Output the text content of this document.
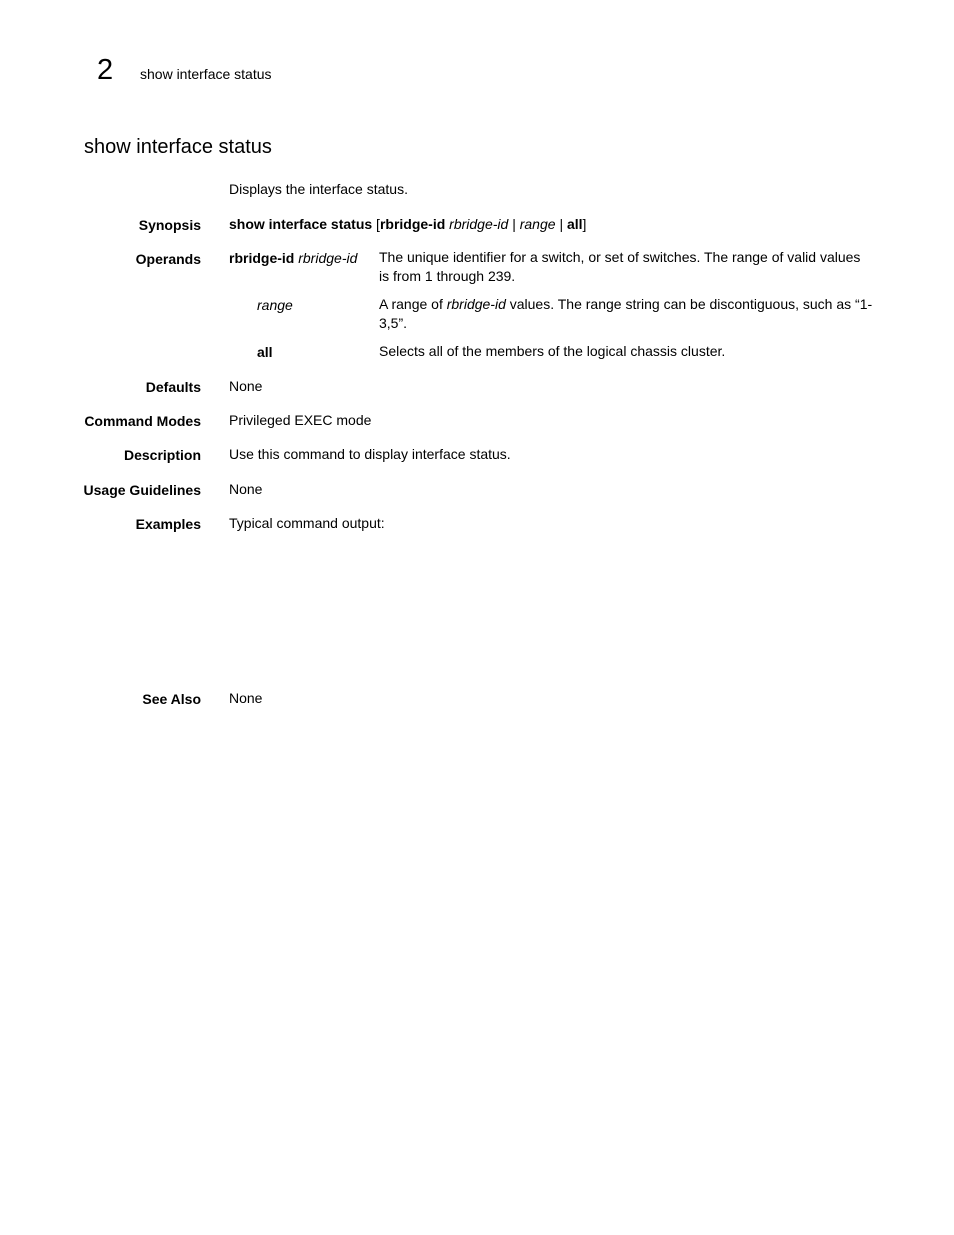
2 show interface status
show interface status
Displays the interface status.
Synopsis show interface status [rbridge-id rbridge-id | range | all]
Operands rbridge-id rbridge-id The unique identifier for a switch, or set of switches. The range of valid values is from 1 through 239.
range	A range of rbridge-id values. The range string can be discontiguous, such as “1-3,5”.
all	Selects all of the members of the logical chassis cluster.
Defaults None
Command Modes Privileged EXEC mode
Description Use this command to display interface status.
Usage Guidelines None
Examples Typical command output:
See Also None
